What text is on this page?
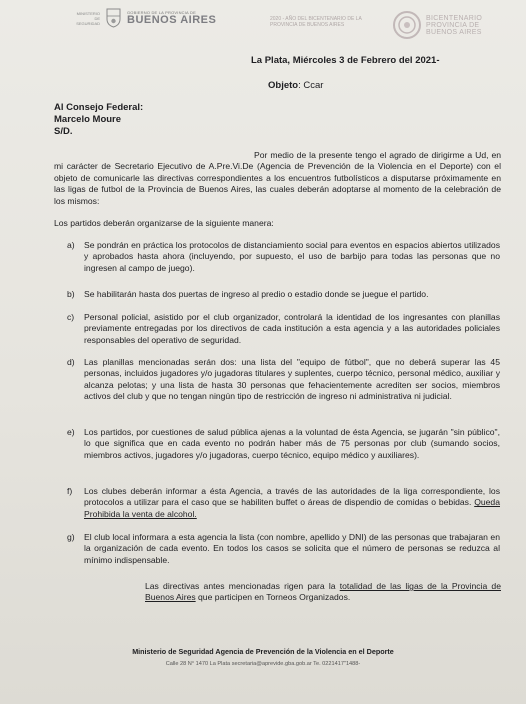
MINISTERIO DE SEGURIDAD
GOBIERNO DE LA PROVINCIA DE
BUENOS AIRES	2020 - AÑO DEL BICENTENARIO DE LA PROVINCIA DE BUENOS AIRES
BICENTENARIO
PROVINCIA DE
BUENOS AIRES
La Plata, Miércoles 3 de Febrero del 2021-
Objeto: Ccar
Al Consejo Federal:
Marcelo Moure
S/D.
Por medio de la presente tengo el agrado de dirigirme a Ud, en mi carácter de Secretario Ejecutivo de A.Pre.Vi.De (Agencia de Prevención de la Violencia en el Deporte) con el objeto de comunicarle las directivas correspondientes a los encuentros futbolísticos a disputarse próximamente en las ligas de futbol de la Provincia de Buenos Aires, las cuales deberán adoptarse al momento de la celebración de los mismos:
Los partidos deberán organizarse de la siguiente manera:
a)	Se pondrán en práctica los protocolos de distanciamiento social para eventos en espacios abiertos utilizados y aprobados hasta ahora (incluyendo, por supuesto, el uso de barbijo para todas las personas que no ingresen al campo de juego).
b)	Se habilitarán hasta dos puertas de ingreso al predio o estadio donde se juegue el partido.
c)	Personal policial, asistido por el club organizador, controlará la identidad de los ingresantes con planillas previamente entregadas por los directivos de cada institución a esta agencia y a las autoridades policiales responsables del operativo de seguridad.
d)	Las planillas mencionadas serán dos: una lista del "equipo de fútbol", que no deberá superar las 45 personas, incluidos jugadores y/o jugadoras titulares y suplentes, cuerpo técnico, personal médico, auxiliar y alcanza pelotas; y una lista de hasta 30 personas que fehacientemente acrediten ser socios, miembros activos del club y que no tengan ningún tipo de restricción de ingreso ni administrativa ni judicial.
e)	Los partidos, por cuestiones de salud pública ajenas a la voluntad de ésta Agencia, se jugarán "sin público", lo que significa que en cada evento no podrán haber más de 75 personas por club (sumando socios, miembros activos, jugadores y/o jugadoras, cuerpo técnico, equipo médico y auxiliares).
f)	Los clubes deberán informar a ésta Agencia, a través de las autoridades de la liga correspondiente, los protocolos a utilizar para el caso que se habiliten buffet o áreas de dispendio de comidas o bebidas. Queda Prohibida la venta de alcohol.
g)	El club local informara a esta agencia la lista (con nombre, apellido y DNI) de las personas que trabajaran en la organización de cada evento. En todos los casos se solicita que el número de personas se reduzca al mínimo indispensable.
Las directivas antes mencionadas rigen para la totalidad de las ligas de la Provincia de Buenos Aires que participen en Torneos Organizados.
Ministerio de Seguridad Agencia de Prevención de la Violencia en el Deporte
Calle 28 N° 1470 La Plata secretaria@aprevide.gba.gob.ar Te. 0221417"1488-
